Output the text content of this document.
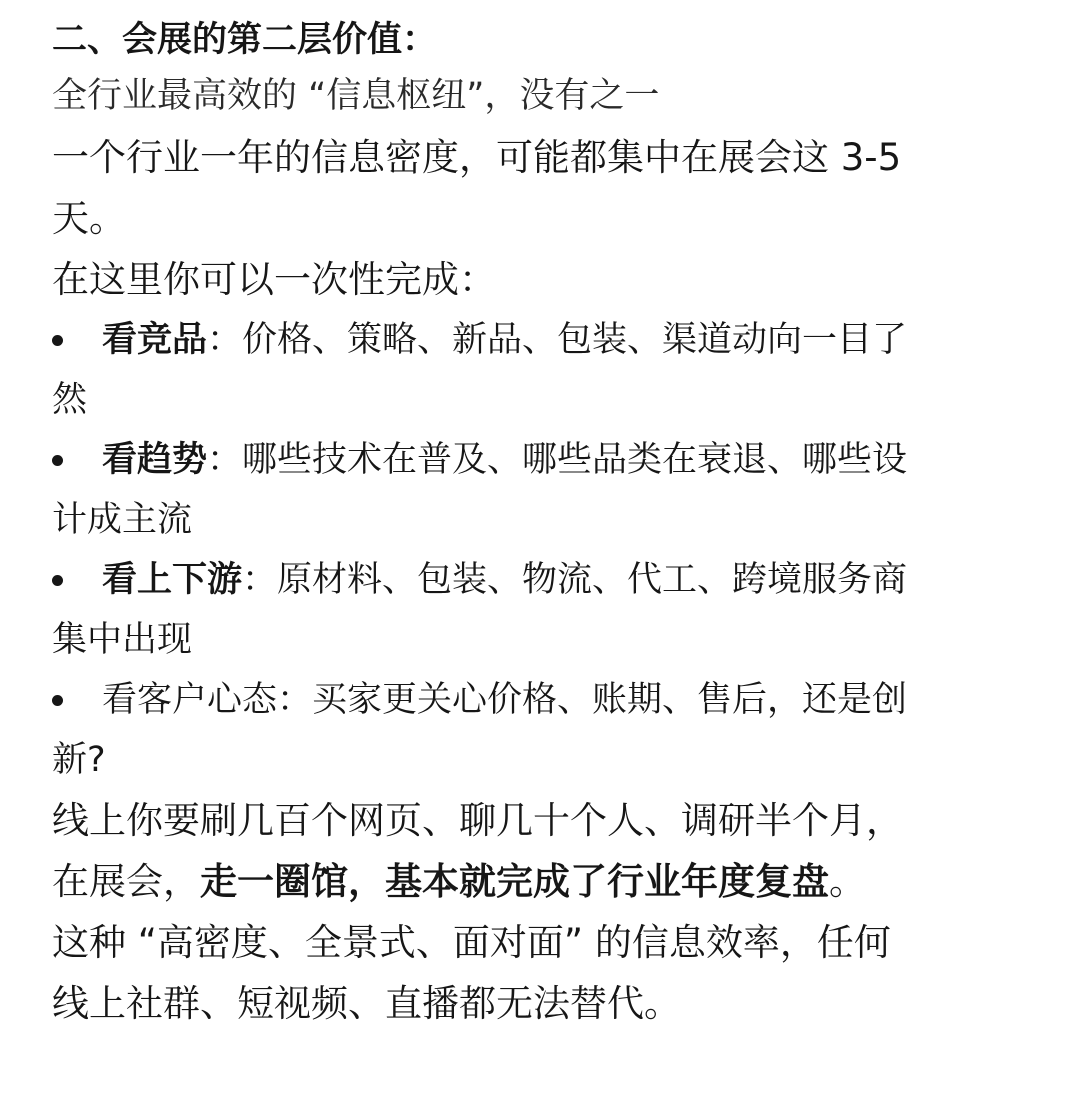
二、会展的第二层价值：

全行业最高效的 “信息枢纽”，没有之一

一个行业一年的信息密度，可能都集中在展会这 3-5
天。

在这里你可以一次性完成：

看竞品：价格、策略、新品、包装、渠道动向一目了
然
看趋势：哪些技术在普及、哪些品类在衰退、哪些设
计成主流
看上下游：原材料、包装、物流、代工、跨境服务商
集中出现
看客户心态：买家更关心价格、账期、售后，还是创
新?

线上你要刷几百个网页、聊几十个人、调研半个月，
在展会，走一圈馆，基本就完成了行业年度复盘。

这种 “高密度、全景式、面对面” 的信息效率，任何
线上社群、短视频、直播都无法替代。
